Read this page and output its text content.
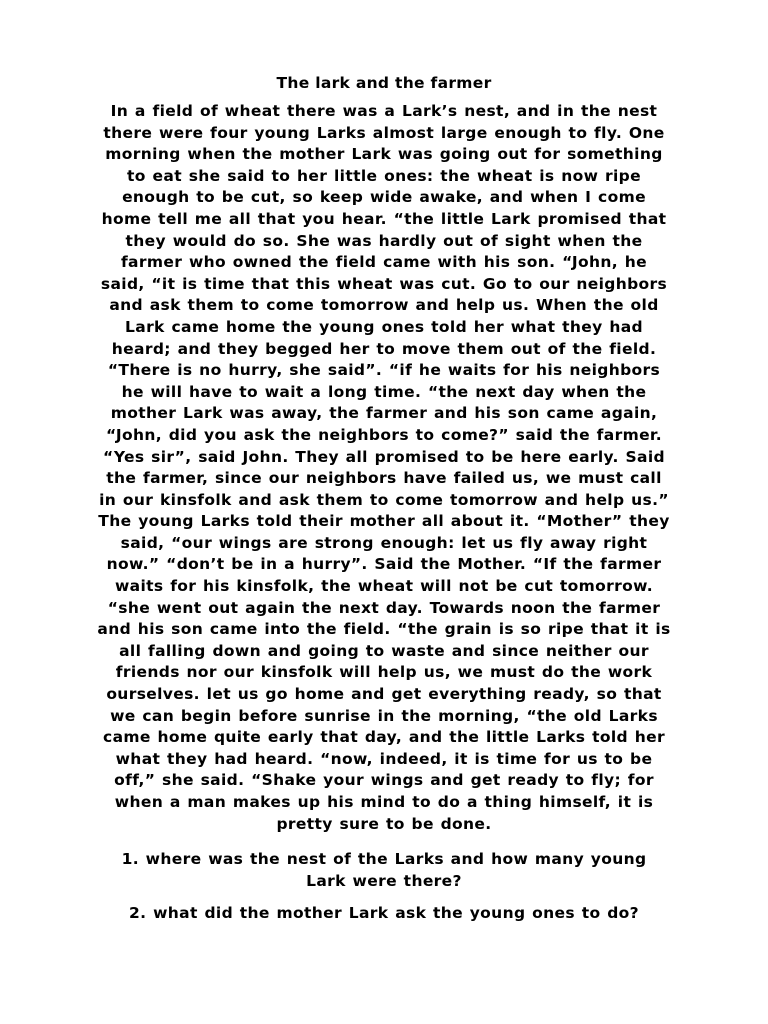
The lark and the farmer
In a field of wheat there was a Lark’s nest, and in the nest
there were four young Larks almost large enough to fly. One
morning when the mother Lark was going out for something
to eat she said to her little ones: the wheat is now ripe
enough to be cut, so keep wide awake, and when I come
home tell me all that you hear. “the little Lark promised that
they would do so. She was hardly out of sight when the
farmer who owned the field came with his son. “John, he
said, “it is time that this wheat was cut. Go to our neighbors
and ask them to come tomorrow and help us. When the old
Lark came home the young ones told her what they had
heard; and they begged her to move them out of the field.
“There is no hurry, she said”. “if he waits for his neighbors
he will have to wait a long time. “the next day when the
mother Lark was away, the farmer and his son came again,
“John, did you ask the neighbors to come?” said the farmer.
“Yes sir”, said John. They all promised to be here early. Said
the farmer, since our neighbors have failed us, we must call
in our kinsfolk and ask them to come tomorrow and help us.”
The young Larks told their mother all about it. “Mother” they
said, “our wings are strong enough: let us fly away right
now.” “don’t be in a hurry”. Said the Mother. “If the farmer
waits for his kinsfolk, the wheat will not be cut tomorrow.
“she went out again the next day. Towards noon the farmer
and his son came into the field. “the grain is so ripe that it is
all falling down and going to waste and since neither our
friends nor our kinsfolk will help us, we must do the work
ourselves. let us go home and get everything ready, so that
we can begin before sunrise in the morning, “the old Larks
came home quite early that day, and the little Larks told her
what they had heard. “now, indeed, it is time for us to be
off,” she said. “Shake your wings and get ready to fly; for
when a man makes up his mind to do a thing himself, it is
pretty sure to be done.
1. where was the nest of the Larks and how many young
Lark were there?
2. what did the mother Lark ask the young ones to do?
